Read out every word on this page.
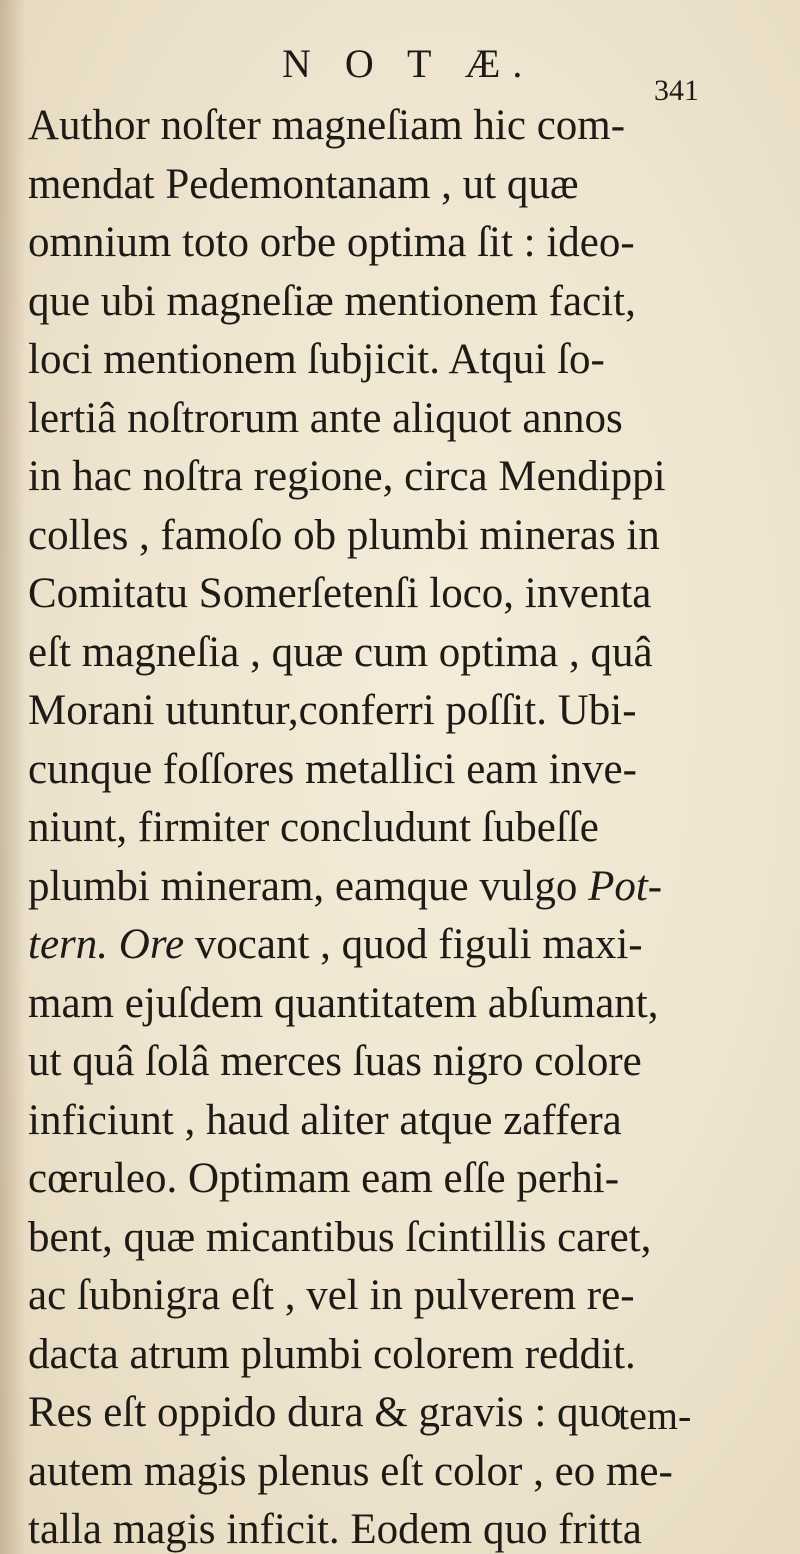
N O T Æ.
341
Author noſter magneſiam hic com-
mendat Pedemontanam , ut quæ
omnium toto orbe optima ſit : ideo-
que ubi magneſiæ mentionem facit,
loci mentionem ſubjicit. Atqui ſo-
lertiâ noſtrorum ante aliquot annos
in hac noſtra regione, circa Mendippi
colles , famoſo ob plumbi mineras in
Comitatu Somerſetenſi loco, inventa
eſt magneſia , quæ cum optima , quâ
Morani utuntur,conferri poſſit. Ubi-
cunque foſſores metallici eam inve-
niunt, firmiter concludunt ſubeſſe
plumbi mineram, eamque vulgo Pot-
tern. Ore vocant , quod figuli maxi-
mam ejuſdem quantitatem abſumant,
ut quâ ſolâ merces ſuas nigro colore
inficiunt , haud aliter atque zaffera
cœruleo. Optimam eam eſſe perhi-
bent, quæ micantibus ſcintillis caret,
ac ſubnigra eſt , vel in pulverem re-
dacta atrum plumbi colorem reddit.
Res eſt oppido dura & gravis : quo
autem magis plenus eſt color , eo me-
talla magis inficit. Eodem quo fritta
tem-
